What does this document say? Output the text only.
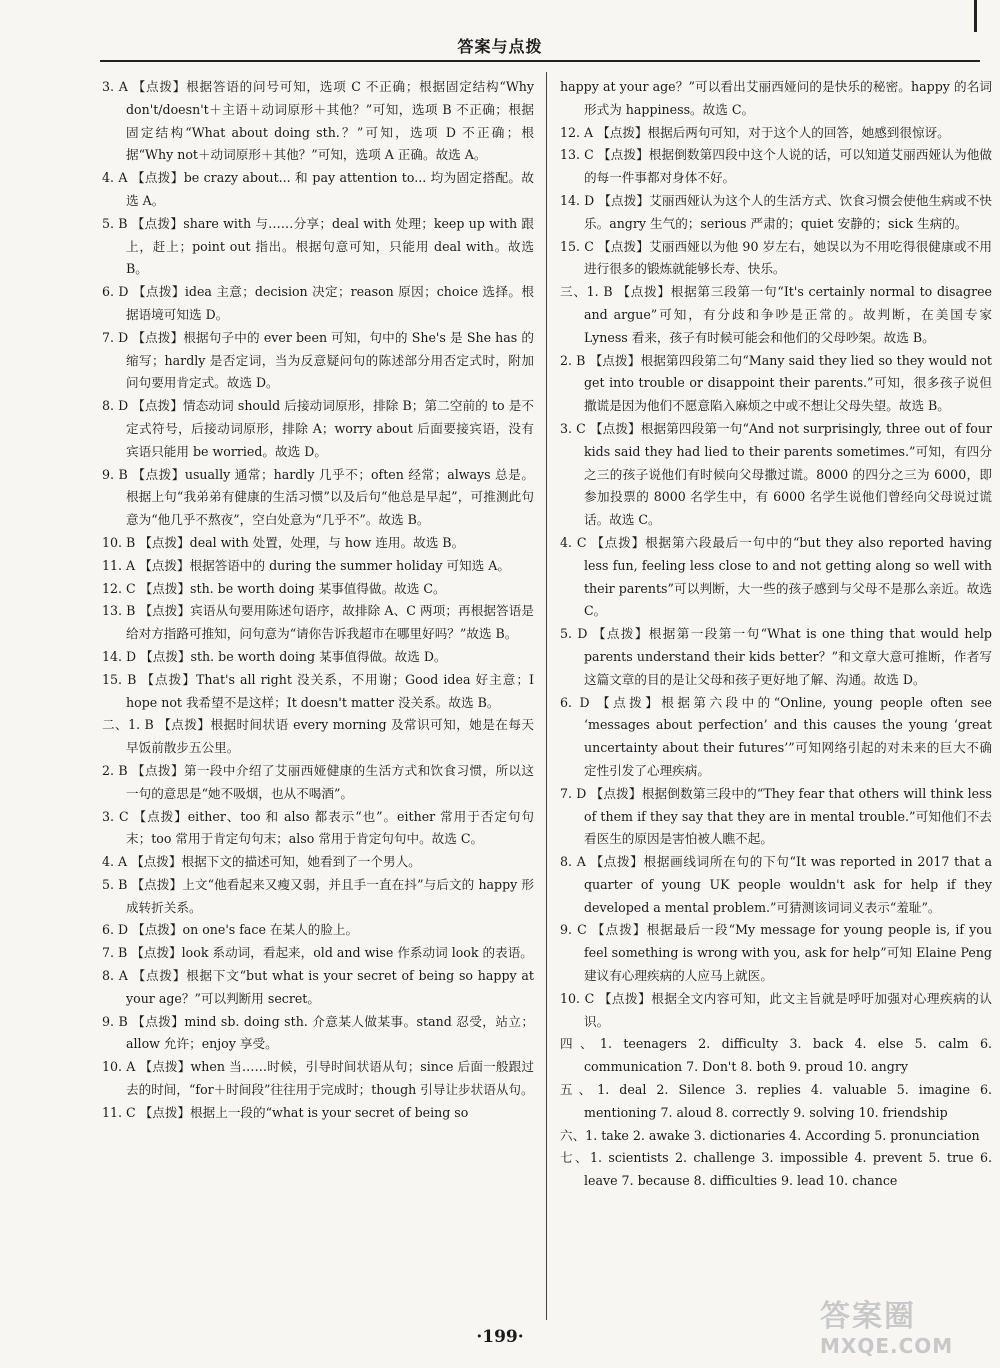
答案与点拨

3. A 【点拨】根据答语的问号可知，选项 C 不正确；根据固定结构“Why don't/doesn't＋主语＋动词原形＋其他？”可知，选项 B 不正确；根据固定结构“What about doing sth.？”可知，选项 D 不正确；根据“Why not＋动词原形＋其他？”可知，选项 A 正确。故选 A。

4. A 【点拨】be crazy about... 和 pay attention to... 均为固定搭配。故选 A。

5. B 【点拨】share with 与……分享；deal with 处理；keep up with 跟上，赶上；point out 指出。根据句意可知，只能用 deal with。故选 B。

6. D 【点拨】idea 主意；decision 决定；reason 原因；choice 选择。根据语境可知选 D。

7. D 【点拨】根据句子中的 ever been 可知，句中的 She's 是 She has 的缩写；hardly 是否定词，当为反意疑问句的陈述部分用否定式时，附加问句要用肯定式。故选 D。

8. D 【点拨】情态动词 should 后接动词原形，排除 B；第二空前的 to 是不定式符号，后接动词原形，排除 A；worry about 后面要接宾语，没有宾语只能用 be worried。故选 D。

9. B 【点拨】usually 通常；hardly 几乎不；often 经常；always 总是。根据上句“我弟弟有健康的生活习惯”以及后句“他总是早起”，可推测此句意为“他几乎不熬夜”，空白处意为“几乎不”。故选 B。

10. B 【点拨】deal with 处置，处理，与 how 连用。故选 B。

11. A 【点拨】根据答语中的 during the summer holiday 可知选 A。

12. C 【点拨】sth. be worth doing 某事值得做。故选 C。

13. B 【点拨】宾语从句要用陈述句语序，故排除 A、C 两项；再根据答语是给对方指路可推知，问句意为“请你告诉我超市在哪里好吗？”故选 B。

14. D 【点拨】sth. be worth doing 某事值得做。故选 D。

15. B 【点拨】That's all right 没关系，不用谢；Good idea 好主意；I hope not 我希望不是这样；It doesn't matter 没关系。故选 B。

二、1. B 【点拨】根据时间状语 every morning 及常识可知，她是在每天早饭前散步五公里。

2. B 【点拨】第一段中介绍了艾丽西娅健康的生活方式和饮食习惯，所以这一句的意思是“她不吸烟，也从不喝酒”。

3. C 【点拨】either、too 和 also 都表示“也”。either 常用于否定句句末；too 常用于肯定句句末；also 常用于肯定句句中。故选 C。

4. A 【点拨】根据下文的描述可知，她看到了一个男人。

5. B 【点拨】上文“他看起来又瘦又弱，并且手一直在抖”与后文的 happy 形成转折关系。

6. D 【点拨】on one's face 在某人的脸上。

7. B 【点拨】look 系动词，看起来，old and wise 作系动词 look 的表语。

8. A 【点拨】根据下文“but what is your secret of being so happy at your age？”可以判断用 secret。

9. B 【点拨】mind sb. doing sth. 介意某人做某事。stand 忍受，站立；allow 允许；enjoy 享受。

10. A 【点拨】when 当……时候，引导时间状语从句；since 后面一般跟过去的时间，“for＋时间段”往往用于完成时；though 引导让步状语从句。

11. C 【点拨】根据上一段的“what is your secret of being so

happy at your age？”可以看出艾丽西娅问的是快乐的秘密。happy 的名词形式为 happiness。故选 C。

12. A 【点拨】根据后两句可知，对于这个人的回答，她感到很惊讶。

13. C 【点拨】根据倒数第四段中这个人说的话，可以知道艾丽西娅认为他做的每一件事都对身体不好。

14. D 【点拨】艾丽西娅认为这个人的生活方式、饮食习惯会使他生病或不快乐。angry 生气的；serious 严肃的；quiet 安静的；sick 生病的。

15. C 【点拨】艾丽西娅以为他 90 岁左右，她误以为不用吃得很健康或不用进行很多的锻炼就能够长寿、快乐。

三、1. B 【点拨】根据第三段第一句“It's certainly normal to disagree and argue”可知，有分歧和争吵是正常的。故判断，在美国专家 Lyness 看来，孩子有时候可能会和他们的父母吵架。故选 B。

2. B 【点拨】根据第四段第二句“Many said they lied so they would not get into trouble or disappoint their parents.”可知，很多孩子说但撒谎是因为他们不愿意陷入麻烦之中或不想让父母失望。故选 B。

3. C 【点拨】根据第四段第一句“And not surprisingly, three out of four kids said they had lied to their parents sometimes.”可知，有四分之三的孩子说他们有时候向父母撒过谎。8000 的四分之三为 6000，即参加投票的 8000 名学生中，有 6000 名学生说他们曾经向父母说过谎话。故选 C。

4. C 【点拨】根据第六段最后一句中的“but they also reported having less fun, feeling less close to and not getting along so well with their parents”可以判断，大一些的孩子感到与父母不是那么亲近。故选 C。

5. D 【点拨】根据第一段第一句“What is one thing that would help parents understand their kids better？”和文章大意可推断，作者写这篇文章的目的是让父母和孩子更好地了解、沟通。故选 D。

6. D 【点拨】根据第六段中的“Online, young people often see ‘messages about perfection’ and this causes the young ‘great uncertainty about their futures’”可知网络引起的对未来的巨大不确定性引发了心理疾病。

7. D 【点拨】根据倒数第三段中的“They fear that others will think less of them if they say that they are in mental trouble.”可知他们不去看医生的原因是害怕被人瞧不起。

8. A 【点拨】根据画线词所在句的下句“It was reported in 2017 that a quarter of young UK people wouldn't ask for help if they developed a mental problem.”可猜测该词词义表示“羞耻”。

9. C 【点拨】根据最后一段“My message for young people is, if you feel something is wrong with you, ask for help”可知 Elaine Peng 建议有心理疾病的人应马上就医。

10. C 【点拨】根据全文内容可知，此文主旨就是呼吁加强对心理疾病的认识。

四、1. teenagers 2. difficulty 3. back 4. else 5. calm 6. communication 7. Don't 8. both 9. proud 10. angry

五、1. deal 2. Silence 3. replies 4. valuable 5. imagine 6. mentioning 7. aloud 8. correctly 9. solving 10. friendship

六、1. take 2. awake 3. dictionaries 4. According 5. pronunciation

七、1. scientists 2. challenge 3. impossible 4. prevent 5. true 6. leave 7. because 8. difficulties 9. lead 10. chance

·199·
答案圈
MXQE.COM
